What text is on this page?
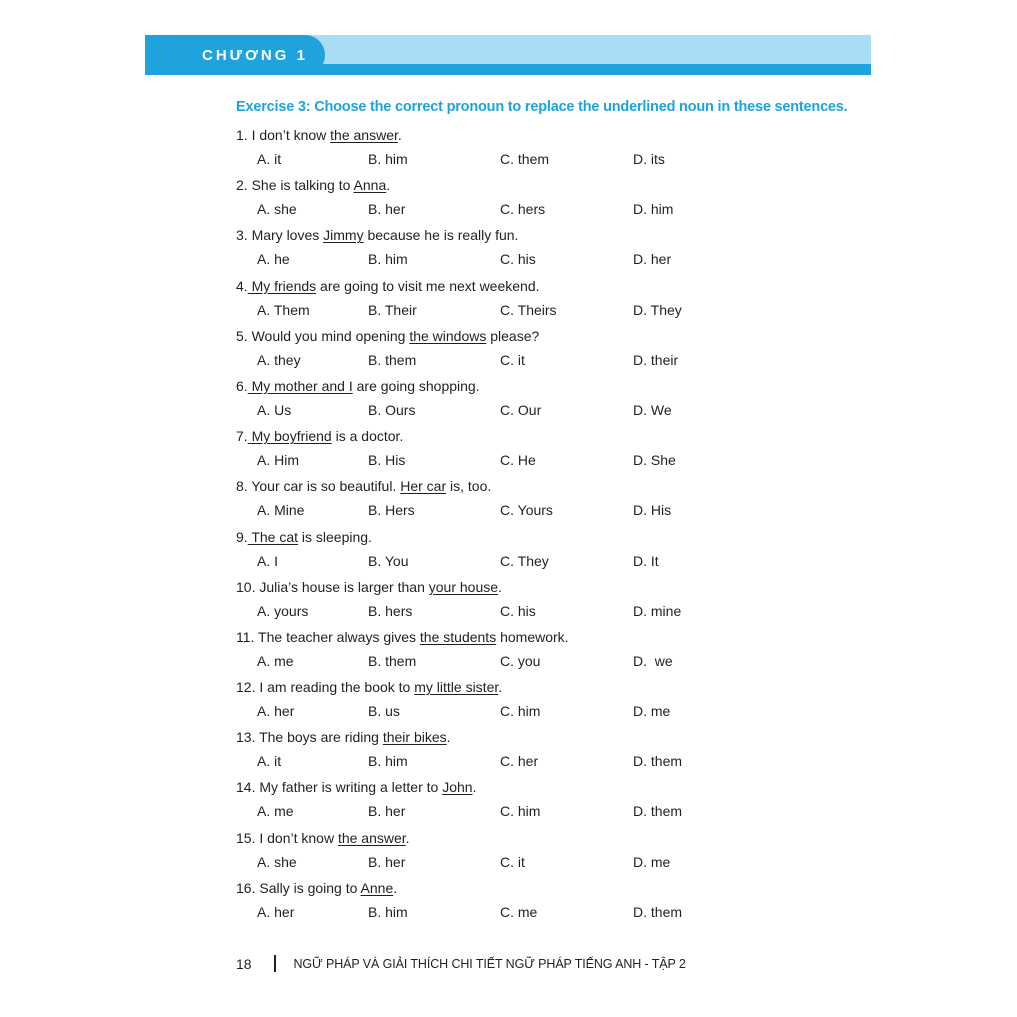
CHƯƠNG 1
Exercise 3: Choose the correct pronoun to replace the underlined noun in these sentences.
1. I don’t know the answer.
A. it	B. him	C. them	D. its
2. She is talking to Anna.
A. she	B. her	C. hers	D. him
3. Mary loves Jimmy because he is really fun.
A. he	B. him	C. his	D. her
4. My friends are going to visit me next weekend.
A. Them	B. Their	C. Theirs	D. They
5. Would you mind opening the windows please?
A. they	B. them	C. it	D. their
6. My mother and I are going shopping.
A. Us	B. Ours	C. Our	D. We
7. My boyfriend is a doctor.
A. Him	B. His	C. He	D. She
8. Your car is so beautiful. Her car is, too.
A. Mine	B. Hers	C. Yours	D. His
9. The cat is sleeping.
A. I	B. You	C. They	D. It
10. Julia’s house is larger than your house.
A. yours	B. hers	C. his	D. mine
11. The teacher always gives the students homework.
A. me	B. them	C. you	D.  we
12. I am reading the book to my little sister.
A. her	B. us	C. him	D. me
13. The boys are riding their bikes.
A. it	B. him	C. her	D. them
14. My father is writing a letter to John.
A. me	B. her	C. him	D. them
15. I don’t know the answer.
A. she	B. her	C. it	D. me
16. Sally is going to Anne.
A. her	B. him	C. me	D. them
18	NGỮ PHÁP VÀ GIẢI THÍCH CHI TIẾT NGỮ PHÁP TIẾNG ANH - TẬP 2
